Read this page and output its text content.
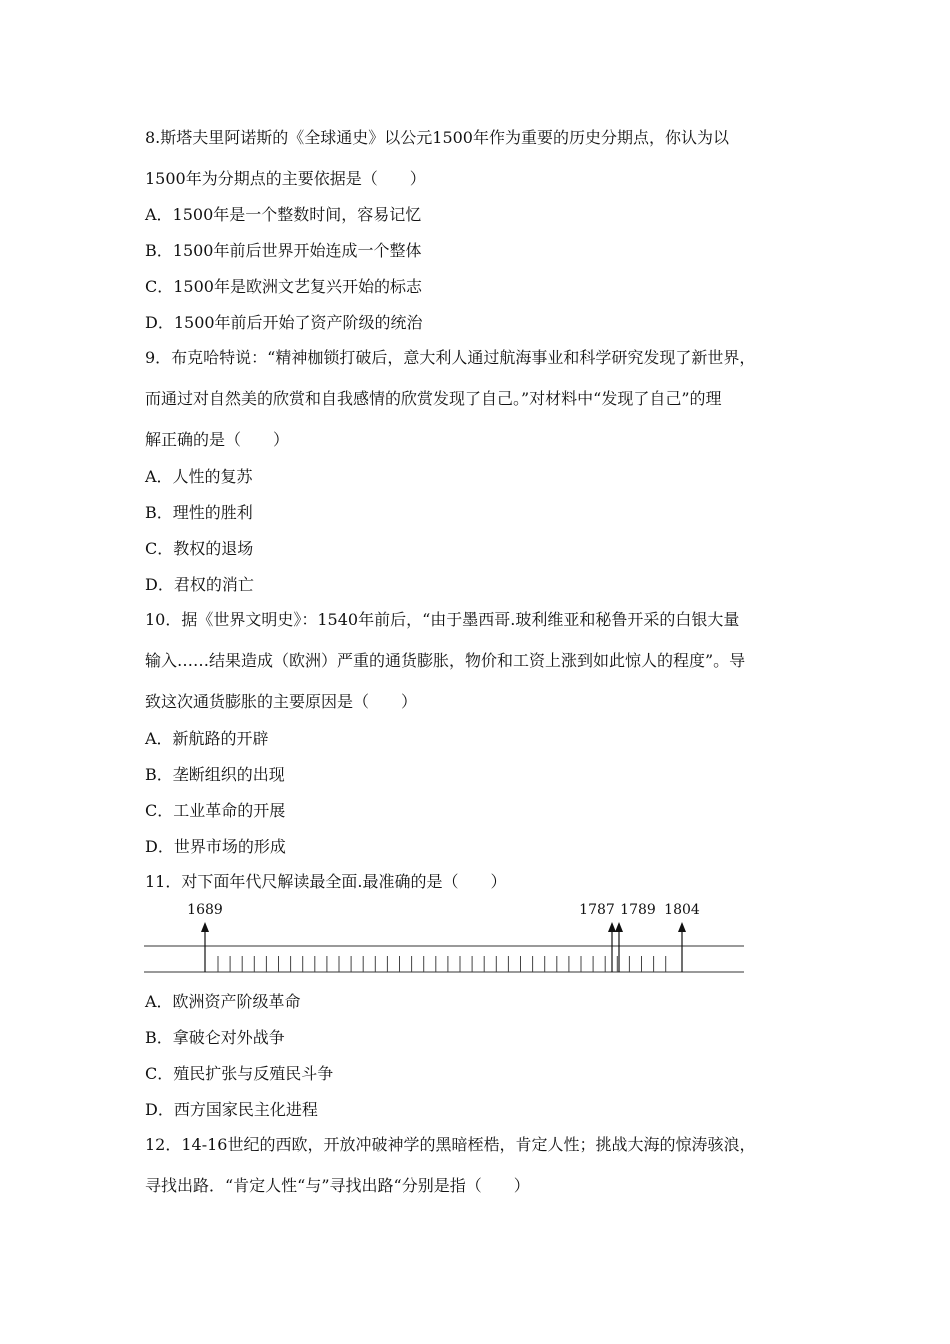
8.斯塔夫里阿诺斯的《全球通史》以公元1500年作为重要的历史分期点，你认为以
1500年为分期点的主要依据是（　　）
A．1500年是一个整数时间，容易记忆
B．1500年前后世界开始连成一个整体
C．1500年是欧洲文艺复兴开始的标志
D．1500年前后开始了资产阶级的统治
9．布克哈特说：“精神枷锁打破后，意大利人通过航海事业和科学研究发现了新世界，
而通过对自然美的欣赏和自我感情的欣赏发现了自己。”对材料中“发现了自己”的理
解正确的是（　　）
A．人性的复苏
B．理性的胜利
C．教权的退场
D．君权的消亡
10．据《世界文明史》：1540年前后，“由于墨西哥.玻利维亚和秘鲁开采的白银大量
输入……结果造成（欧洲）严重的通货膨胀，物价和工资上涨到如此惊人的程度”。导
致这次通货膨胀的主要原因是（　　）
A．新航路的开辟
B．垄断组织的出现
C．工业革命的开展
D．世界市场的形成
11．对下面年代尺解读最全面.最准确的是（　　）
1689	1787 1789 1804
A．欧洲资产阶级革命
B．拿破仑对外战争
C．殖民扩张与反殖民斗争
D．西方国家民主化进程
12．14-16世纪的西欧，开放冲破神学的黑暗桎梏，肯定人性；挑战大海的惊涛骇浪，
寻找出路．“肯定人性“与”寻找出路“分别是指（　　）
